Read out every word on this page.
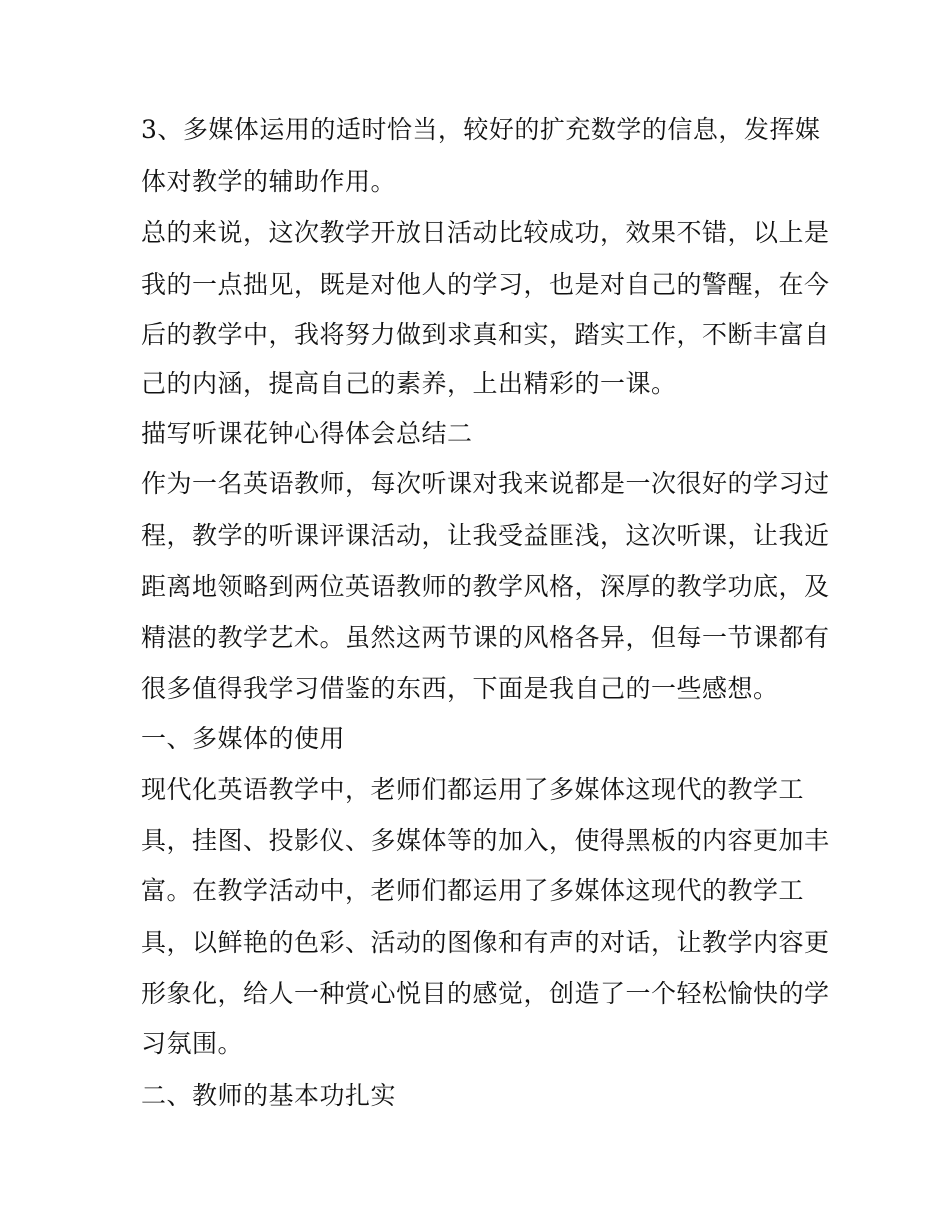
3、多媒体运用的适时恰当，较好的扩充数学的信息，发挥媒
体对教学的辅助作用。
总的来说，这次教学开放日活动比较成功，效果不错，以上是
我的一点拙见，既是对他人的学习，也是对自己的警醒，在今
后的教学中，我将努力做到求真和实，踏实工作，不断丰富自
己的内涵，提高自己的素养，上出精彩的一课。
描写听课花钟心得体会总结二
作为一名英语教师，每次听课对我来说都是一次很好的学习过
程，教学的听课评课活动，让我受益匪浅，这次听课，让我近
距离地领略到两位英语教师的教学风格，深厚的教学功底，及
精湛的教学艺术。虽然这两节课的风格各异，但每一节课都有
很多值得我学习借鉴的东西，下面是我自己的一些感想。
一、多媒体的使用
现代化英语教学中，老师们都运用了多媒体这现代的教学工
具，挂图、投影仪、多媒体等的加入，使得黑板的内容更加丰
富。在教学活动中，老师们都运用了多媒体这现代的教学工
具，以鲜艳的色彩、活动的图像和有声的对话，让教学内容更
形象化，给人一种赏心悦目的感觉，创造了一个轻松愉快的学
习氛围。
二、教师的基本功扎实
